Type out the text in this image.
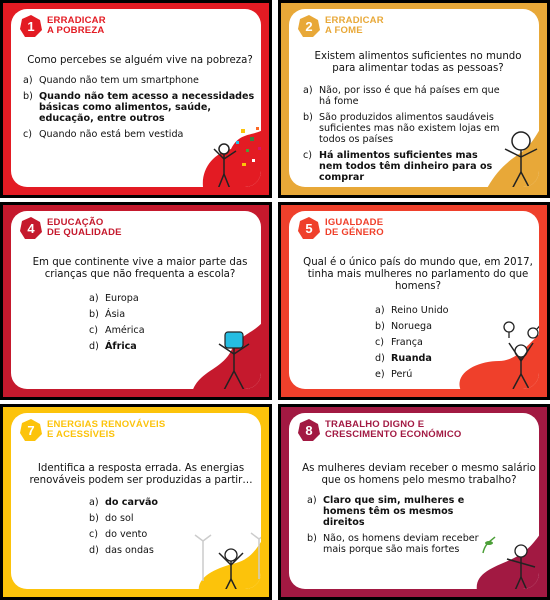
1	ERRADICAR
A POBREZA
Como percebes se alguém vive na pobreza?
a) Quando não tem um smartphone
b) Quando não tem acesso a necessidades básicas como alimentos, saúde, educação, entre outros
c) Quando não está bem vestida
2	ERRADICAR
A FOME
Existem alimentos suficientes no mundo para alimentar todas as pessoas?
a) Não, por isso é que há países em que há fome
b) São produzidos alimentos saudáveis suficientes mas não existem lojas em todos os países
c) Há alimentos suficientes mas nem todos têm dinheiro para os comprar
4	EDUCAÇÃO
DE QUALIDADE
Em que continente vive a maior parte das crianças que não frequenta a escola?
a) Europa
b) Ásia
c) América
d) África
5	IGUALDADE
DE GÉNERO
Qual é o único país do mundo que, em 2017, tinha mais mulheres no parlamento do que homens?
a) Reino Unido
b) Noruega
c) França
d) Ruanda
e) Perú
7	ENERGIAS RENOVÁVEIS
E ACESSÍVEIS
Identifica a resposta errada. As energias renováveis podem ser produzidas a partir…
a) do carvão
b) do sol
c) do vento
d) das ondas
8	TRABALHO DIGNO E
CRESCIMENTO ECONÓMICO
As mulheres deviam receber o mesmo salário que os homens pelo mesmo trabalho?
a) Claro que sim, mulheres e homens têm os mesmos direitos
b) Não, os homens deviam receber mais porque são mais fortes
